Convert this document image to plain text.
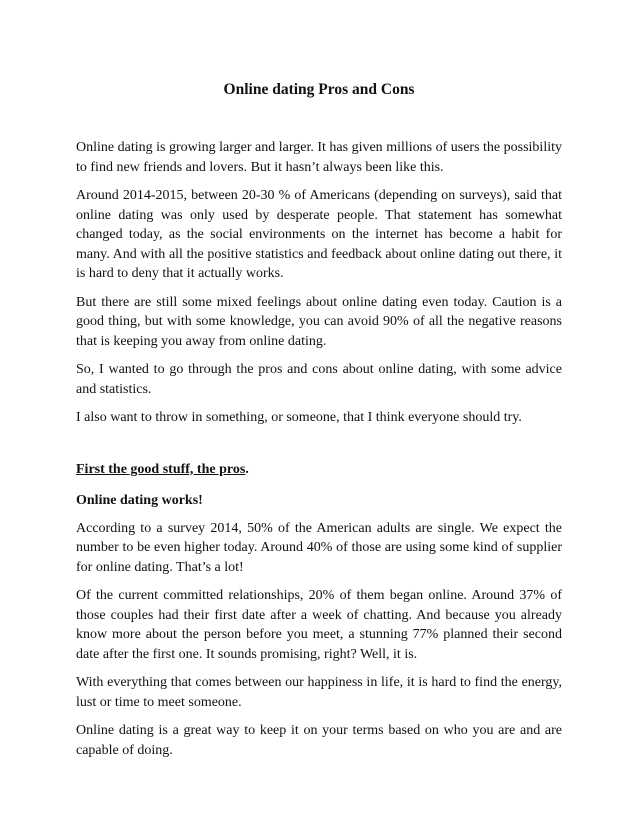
Online dating Pros and Cons

Online dating is growing larger and larger. It has given millions of users the possibility to find new friends and lovers. But it hasn’t always been like this.

Around 2014-2015, between 20-30 % of Americans (depending on surveys), said that online dating was only used by desperate people. That statement has somewhat changed today, as the social environments on the internet has become a habit for many. And with all the positive statistics and feedback about online dating out there, it is hard to deny that it actually works.

But there are still some mixed feelings about online dating even today. Caution is a good thing, but with some knowledge, you can avoid 90% of all the negative reasons that is keeping you away from online dating.

So, I wanted to go through the pros and cons about online dating, with some advice and statistics.

I also want to throw in something, or someone, that I think everyone should try.

First the good stuff, the pros.
Online dating works!

According to a survey 2014, 50% of the American adults are single. We expect the number to be even higher today. Around 40% of those are using some kind of supplier for online dating. That’s a lot!

Of the current committed relationships, 20% of them began online. Around 37% of those couples had their first date after a week of chatting. And because you already know more about the person before you meet, a stunning 77% planned their second date after the first one. It sounds promising, right? Well, it is.

With everything that comes between our happiness in life, it is hard to find the energy, lust or time to meet someone.

Online dating is a great way to keep it on your terms based on who you are and are capable of doing.
